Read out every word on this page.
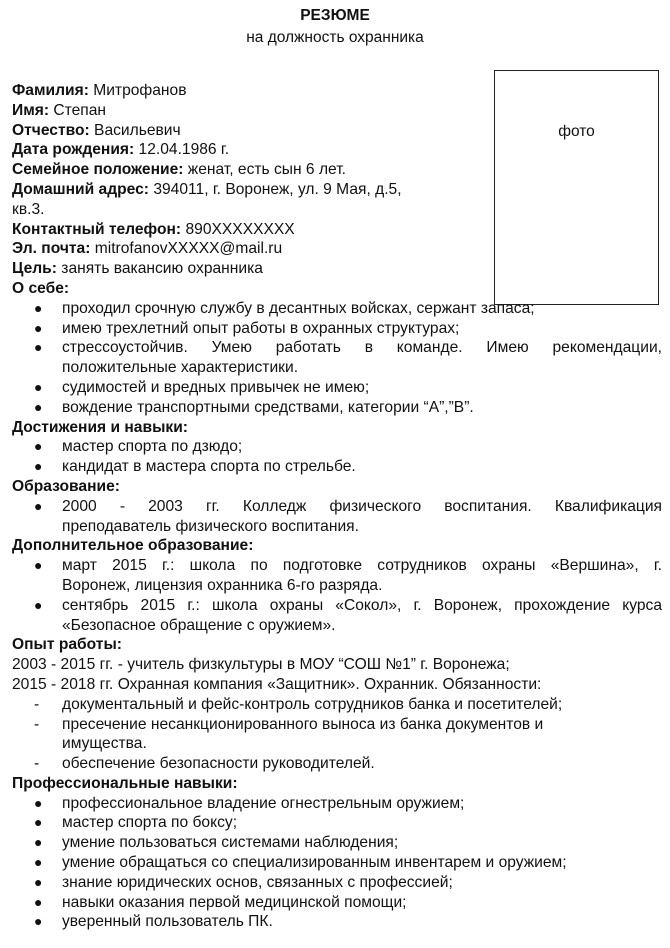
РЕЗЮМЕ
на должность охранника
фото

Фамилия: Митрофанов

Имя: Степан

Отчество: Васильевич

Дата рождения: 12.04.1986 г.

Семейное положение: женат, есть сын 6 лет.

Домашний адрес: 394011, г. Воронеж, ул. 9 Мая, д.5,

кв.3.

Контактный телефон: 890XXXXXXXX

Эл. почта: mitrofanovXXXXX@mail.ru

Цель: занять вакансию охранника

О себе:

● проходил срочную службу в десантных войсках, сержант запаса;
● имею трехлетний опыт работы в охранных структурах;
● стрессоустойчив. Умею работать в команде. Имею рекомендации,
положительные характеристики.
● судимостей и вредных привычек не имею;
● вождение транспортными средствами, категории “А”,”В”.

Достижения и навыки:

● мастер спорта по дзюдо;
● кандидат в мастера спорта по стрельбе.

Образование:

● 2000 - 2003 гг. Колледж физического воспитания. Квалификация
преподаватель физического воспитания.

Дополнительное образование:

● март 2015 г.: школа по подготовке сотрудников охраны «Вершина», г.
Воронеж, лицензия охранника 6-го разряда.
● сентябрь 2015 г.: школа охраны «Сокол», г. Воронеж, прохождение курса
«Безопасное обращение с оружием».

Опыт работы:

2003 - 2015 гг. - учитель физкультуры в МОУ “СОШ №1” г. Воронежа;

2015 - 2018 гг. Охранная компания «Защитник». Охранник. Обязанности:

- документальный и фейс-контроль сотрудников банка и посетителей;
- пресечение несанкционированного выноса из банка документов и
имущества.
- обеспечение безопасности руководителей.

Профессиональные навыки:

● профессиональное владение огнестрельным оружием;
● мастер спорта по боксу;
● умение пользоваться системами наблюдения;
● умение обращаться со специализированным инвентарем и оружием;
● знание юридических основ, связанных с профессией;
● навыки оказания первой медицинской помощи;
● уверенный пользователь ПК.
